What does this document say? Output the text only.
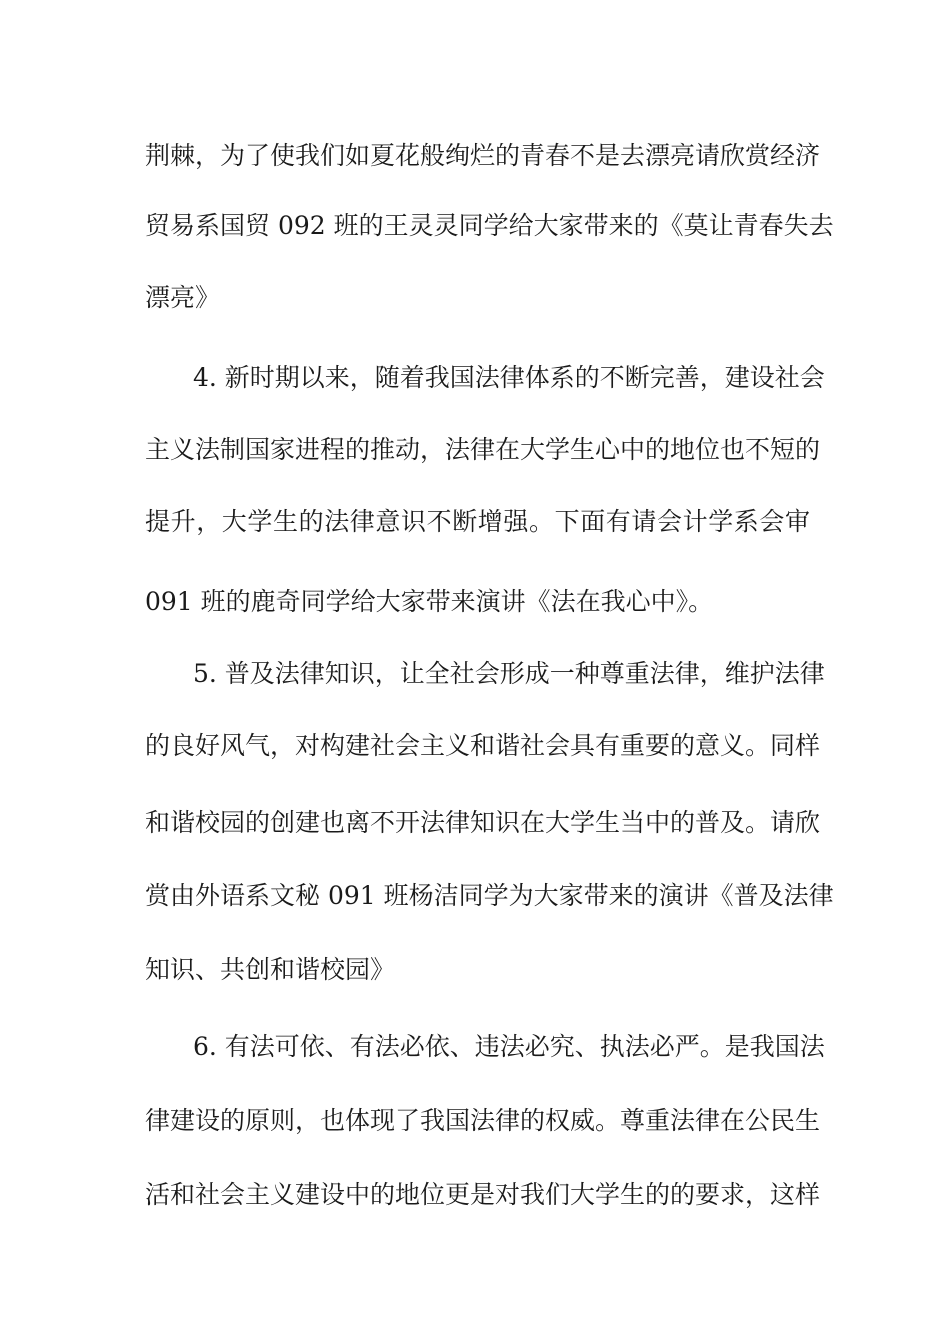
荆棘，为了使我们如夏花般绚烂的青春不是去漂亮请欣赏经济
贸易系国贸 092 班的王灵灵同学给大家带来的《莫让青春失去
漂亮》
4. 新时期以来，随着我国法律体系的不断完善，建设社会
主义法制国家进程的推动，法律在大学生心中的地位也不短的
提升，大学生的法律意识不断增强。下面有请会计学系会审
091 班的鹿奇同学给大家带来演讲《法在我心中》。
5. 普及法律知识，让全社会形成一种尊重法律，维护法律
的良好风气，对构建社会主义和谐社会具有重要的意义。同样
和谐校园的创建也离不开法律知识在大学生当中的普及。请欣
赏由外语系文秘 091 班杨洁同学为大家带来的演讲《普及法律
知识、共创和谐校园》
6. 有法可依、有法必依、违法必究、执法必严。是我国法
律建设的原则，也体现了我国法律的权威。尊重法律在公民生
活和社会主义建设中的地位更是对我们大学生的的要求，这样
